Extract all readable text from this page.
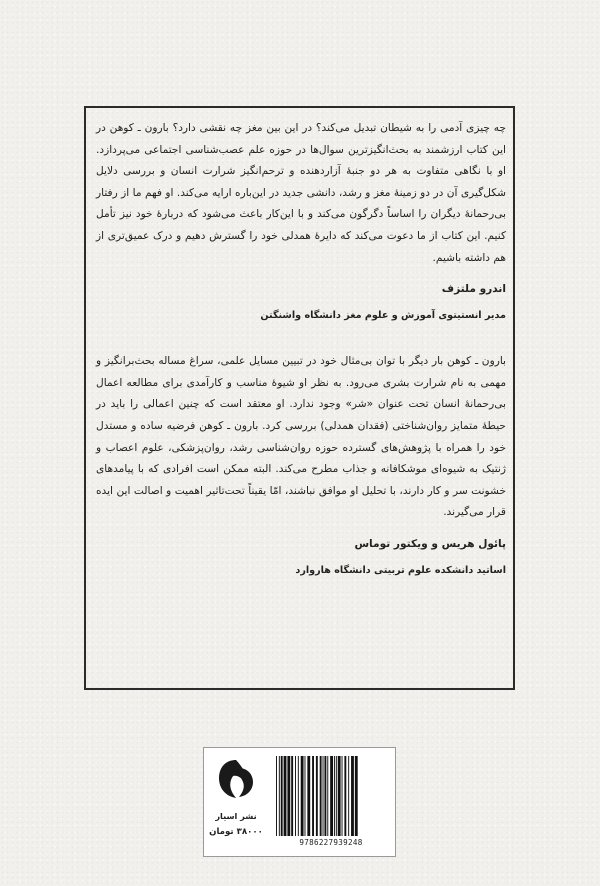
چه چیزی آدمی را به شیطان تبدیل می‌کند؟ در این بین مغز چه نقشی دارد؟ بارون ـ کوهن در این کتاب ارزشمند به بحث‌انگیزترین سوال‌ها در حوزه علم عصب‌شناسی اجتماعی می‌پردازد. او با نگاهی متفاوت به هر دو جنبهٔ آزاردهنده و ترحم‌انگیز شرارت انسان و بررسی دلایل شکل‌گیری آن در دو زمینهٔ مغز و رشد، دانشی جدید در این‌باره ارایه می‌کند. او فهم ما از رفتار بی‌رحمانهٔ دیگران را اساساً دگرگون می‌کند و با این‌کار باعث می‌شود که دربارهٔ خود نیز تأمل کنیم. این کتاب از ما دعوت می‌کند که دایرهٔ همدلی خود را گسترش دهیم و درک عمیق‌تری از هم داشته باشیم.

اندرو ملتزف
مدیر انستیتوی آموزش و علوم مغز دانشگاه واشنگتن

بارون ـ کوهن بار دیگر با توان بی‌مثال خود در تبیین مسایل علمی، سراغ مساله بحث‌برانگیز و مهمی به نام شرارت بشری می‌رود. به نظر او شیوهٔ مناسب و کارآمدی برای مطالعه اعمال بی‌رحمانهٔ انسان تحت عنوان «شر» وجود ندارد. او معتقد است که چنین اعمالی را باید در حیطهٔ متمایز روان‌شناختی (فقدان همدلی) بررسی کرد. بارون ـ کوهن فرضیه ساده و مستدل خود را همراه با پژوهش‌های گسترده حوزه روان‌شناسی رشد، روان‌پزشکی، علوم اعصاب و ژنتیک به شیوه‌ای موشکافانه و جذاب مطرح می‌کند. البته ممکن است افرادی که با پیامدهای خشونت سر و کار دارند، با تحلیل او موافق نباشند، امّا یقیناً تحت‌تاثیر اهمیت و اصالت این ایده قرار می‌گیرند.

پائول هریس و ویکتور توماس
اساتید دانشکده علوم تربیتی دانشگاه هاروارد
نشر اسیار
۳۸۰۰۰ تومان
9786227939248
